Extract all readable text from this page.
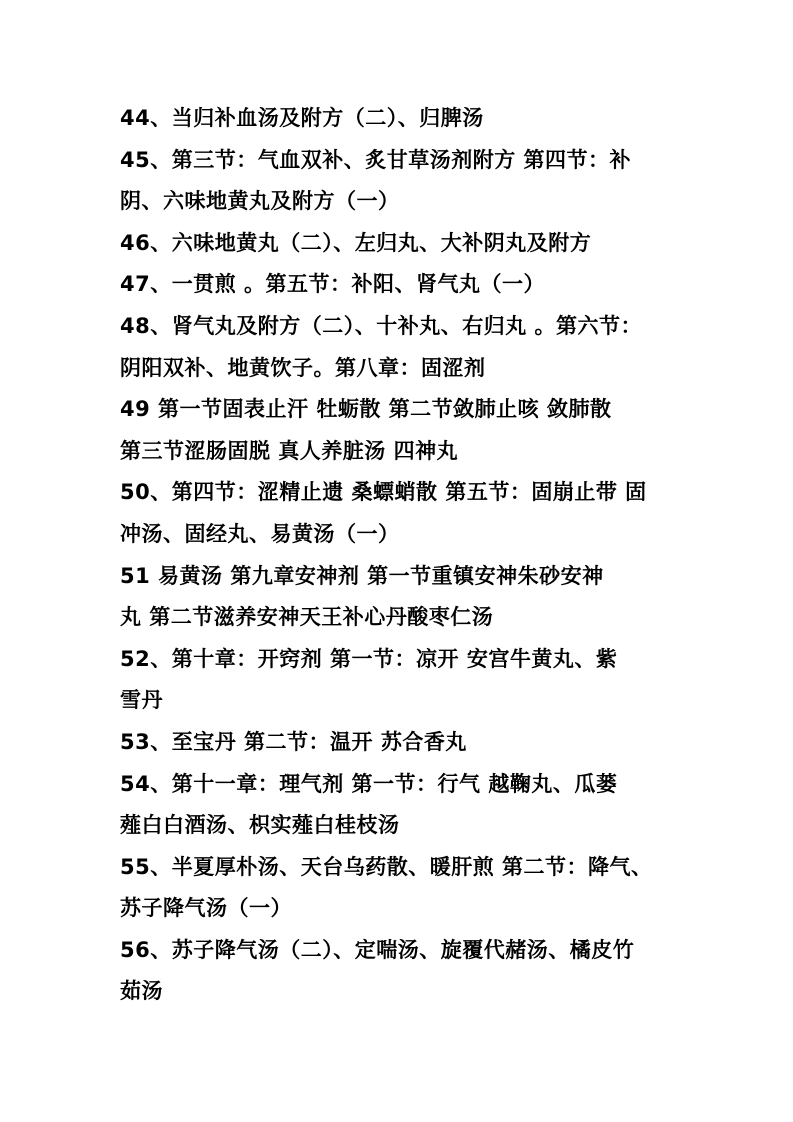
44、当归补血汤及附方（二）、归脾汤
45、第三节：气血双补、炙甘草汤剂附方 第四节：补
阴、六味地黄丸及附方（一）
46、六味地黄丸（二）、左归丸、大补阴丸及附方
47、一贯煎 。第五节：补阳、肾气丸（一）
48、肾气丸及附方（二）、十补丸、右归丸 。第六节：
阴阳双补、地黄饮子。第八章：固涩剂
49 第一节固表止汗 牡蛎散 第二节敛肺止咳 敛肺散
第三节涩肠固脱 真人养脏汤 四神丸
50、第四节：涩精止遗 桑螵蛸散 第五节：固崩止带 固
冲汤、固经丸、易黄汤（一）
51 易黄汤 第九章安神剂 第一节重镇安神朱砂安神
丸 第二节滋养安神天王补心丹酸枣仁汤
52、第十章：开窍剂 第一节：凉开 安宫牛黄丸、紫
雪丹
53、至宝丹 第二节：温开 苏合香丸
54、第十一章：理气剂 第一节：行气 越鞠丸、瓜蒌
薤白白酒汤、枳实薤白桂枝汤
55、半夏厚朴汤、天台乌药散、暖肝煎 第二节：降气、
苏子降气汤（一）
56、苏子降气汤（二）、定喘汤、旋覆代赭汤、橘皮竹
茹汤
